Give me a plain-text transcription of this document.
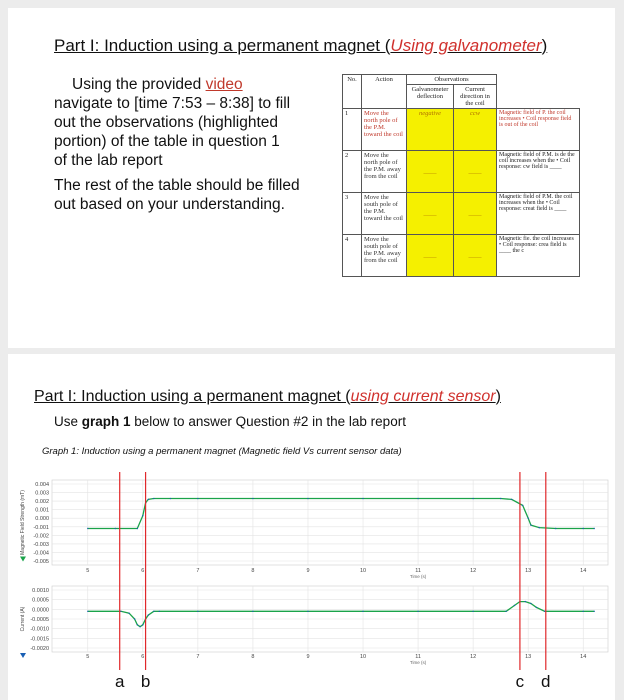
Part I: Induction using a permanent magnet (Using galvanometer)
Using the provided video
navigate to [time 7:53 – 8:38] to fill
out the observations (highlighted
portion) of the table in question 1
of the lab report
The rest of the table should be filled
out based on your understanding.
No.	Action	Observations		
		Galvanometer deflection	Current direction in the coil	
1	Move the north pole of the P.M. toward the coil	negative	ccw	Magnetic field of P. the coil increases • Coil response field is out of the coil
2	Move the north pole of the P.M. away from the coil	____	____	Magnetic field of P.M. is de the coil increases when the • Coil response: cw field is ____
3	Move the south pole of the P.M. toward the coil	____	____	Magnetic field of P.M. the coil increases when the • Coil response: creat field is ____
4	Move the south pole of the P.M. away from the coil	____	____	Magnetic fie. the coil increases • Coil response: crea field is ____ the c
Part I: Induction using a permanent magnet (using current sensor)
Use graph 1 below to answer Question #2 in the lab report
Graph 1: Induction using a permanent magnet (Magnetic field Vs current sensor data)
0.004
0.003
0.002
0.001
0.000
-0.001
-0.002
-0.003
-0.004
-0.005
5	6	7	8	9	10	11	12	13	14
Time (s)
Magnetic Field Strength (mT)
0.0010
0.0005
0.0000
-0.0005
-0.0010
-0.0015
-0.0020
5	6	7	8	9	10	11	12	13	14
Time (s)
Current (A)
a b	c d
